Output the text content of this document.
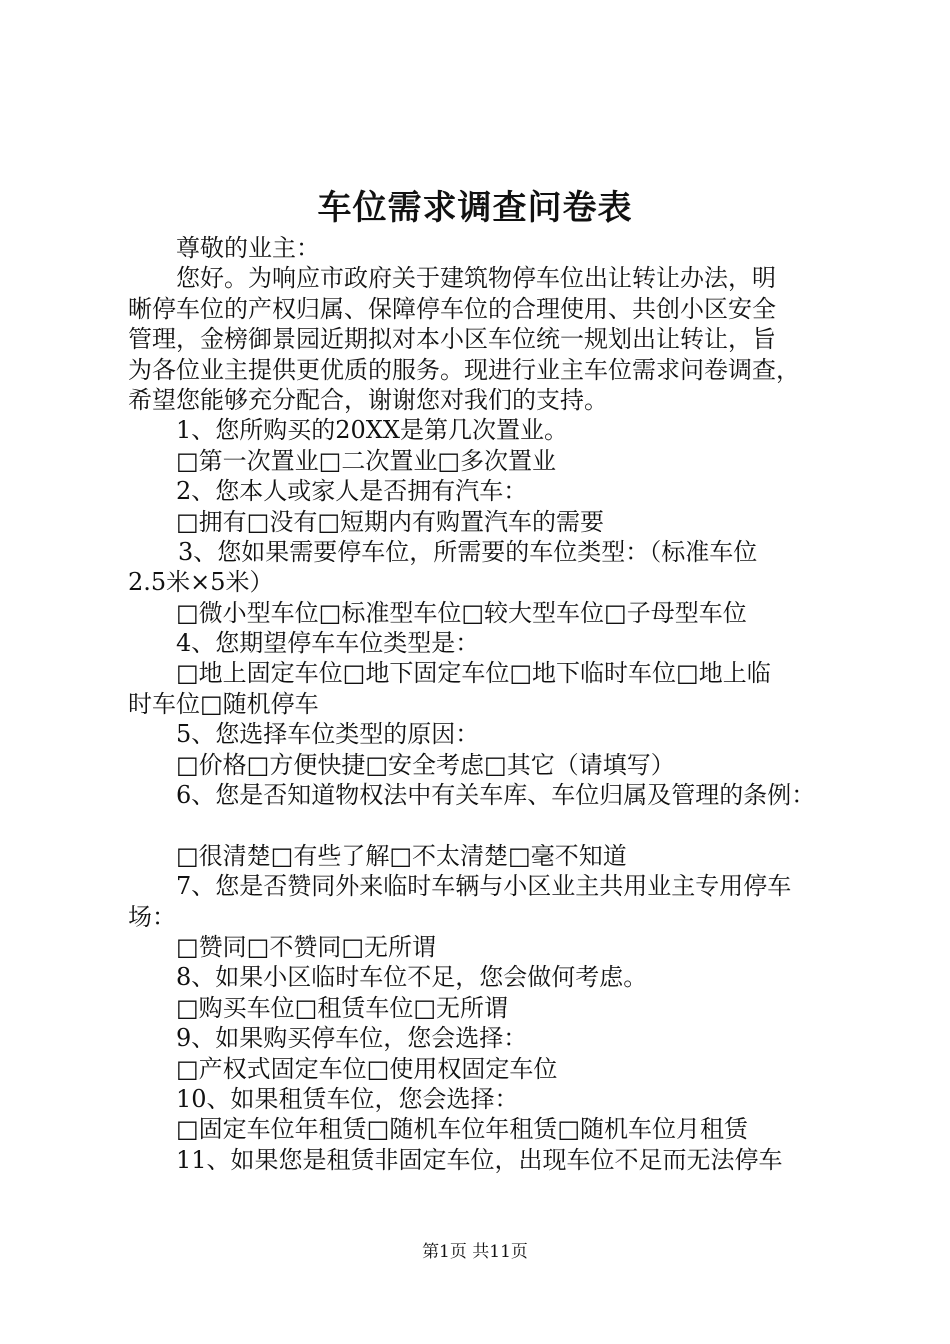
车位需求调查问卷表
尊敬的业主：
您好。为响应市政府关于建筑物停车位出让转让办法，明
晰停车位的产权归属、保障停车位的合理使用、共创小区安全
管理，金榜御景园近期拟对本小区车位统一规划出让转让，旨
为各位业主提供更优质的服务。现进行业主车位需求问卷调查，
希望您能够充分配合，谢谢您对我们的支持。
1、您所购买的20XX是第几次置业。
□第一次置业□二次置业□多次置业
2、您本人或家人是否拥有汽车：
□拥有□没有□短期内有购置汽车的需要
3、您如果需要停车位，所需要的车位类型：（标准车位
2.5米×5米）
□微小型车位□标准型车位□较大型车位□子母型车位
4、您期望停车车位类型是：
□地上固定车位□地下固定车位□地下临时车位□地上临
时车位□随机停车
5、您选择车位类型的原因：
□价格□方便快捷□安全考虑□其它（请填写）
6、您是否知道物权法中有关车库、车位归属及管理的条例：
□很清楚□有些了解□不太清楚□毫不知道
7、您是否赞同外来临时车辆与小区业主共用业主专用停车
场：
□赞同□不赞同□无所谓
8、如果小区临时车位不足，您会做何考虑。
□购买车位□租赁车位□无所谓
9、如果购买停车位，您会选择：
□产权式固定车位□使用权固定车位
10、如果租赁车位，您会选择：
□固定车位年租赁□随机车位年租赁□随机车位月租赁
11、如果您是租赁非固定车位，出现车位不足而无法停车
第1页 共11页
